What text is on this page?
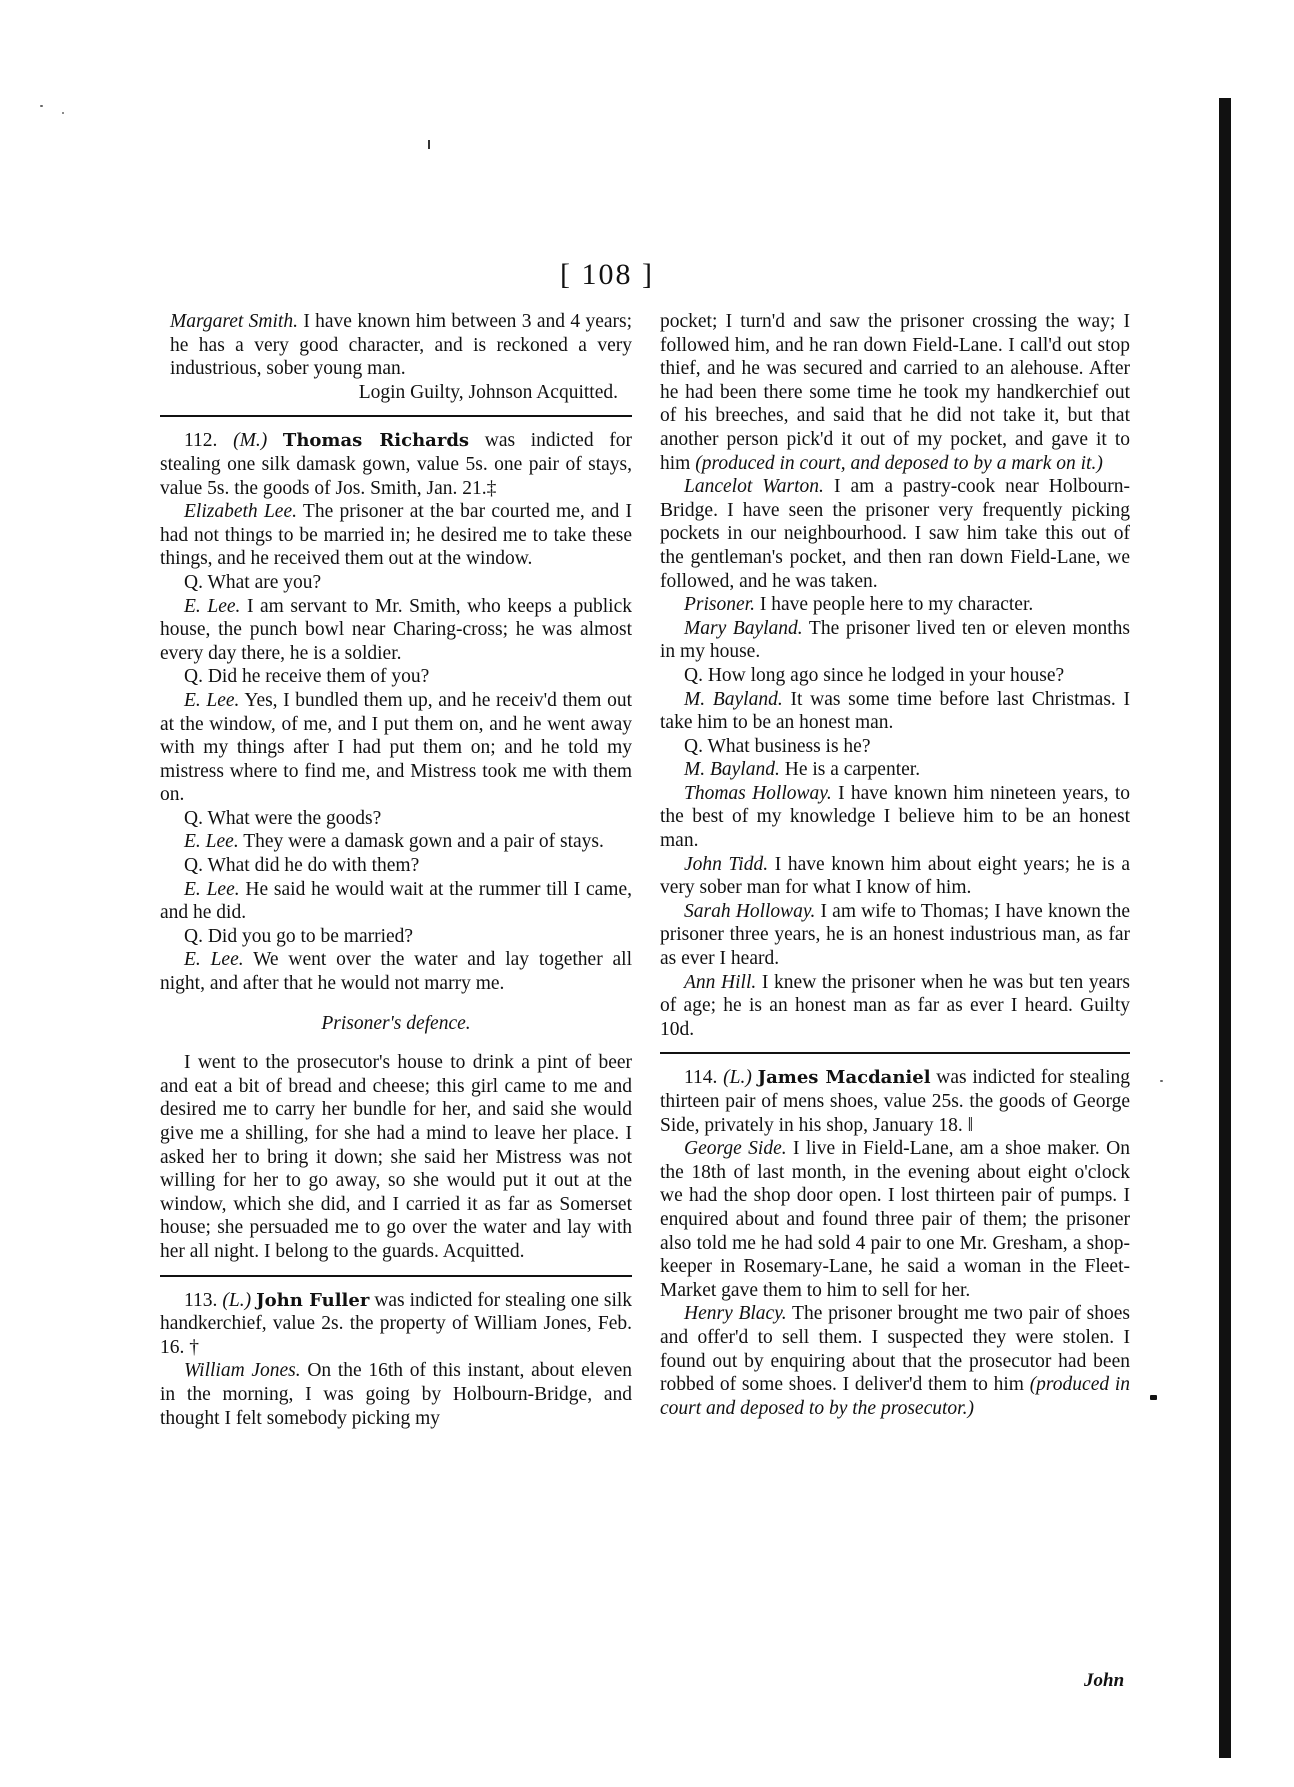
[ 108 ]

Margaret Smith. I have known him between 3 and 4 years; he has a very good character, and is reckoned a very industrious, sober young man.

Login Guilty, Johnson Acquitted.

112. (M.) Thomas Richards was indicted for stealing one silk damask gown, value 5s. one pair of stays, value 5s. the goods of Jos. Smith, Jan. 21.‡

Elizabeth Lee. The prisoner at the bar courted me, and I had not things to be married in; he desired me to take these things, and he received them out at the window.

Q. What are you?

E. Lee. I am servant to Mr. Smith, who keeps a publick house, the punch bowl near Charing-cross; he was almost every day there, he is a soldier.

Q. Did he receive them of you?

E. Lee. Yes, I bundled them up, and he receiv'd them out at the window, of me, and I put them on, and he went away with my things after I had put them on; and he told my mistress where to find me, and Mistress took me with them on.

Q. What were the goods?

E. Lee. They were a damask gown and a pair of stays.

Q. What did he do with them?

E. Lee. He said he would wait at the rummer till I came, and he did.

Q. Did you go to be married?

E. Lee. We went over the water and lay together all night, and after that he would not marry me.

Prisoner's defence.

I went to the prosecutor's house to drink a pint of beer and eat a bit of bread and cheese; this girl came to me and desired me to carry her bundle for her, and said she would give me a shilling, for she had a mind to leave her place. I asked her to bring it down; she said her Mistress was not willing for her to go away, so she would put it out at the window, which she did, and I carried it as far as Somerset house; she persuaded me to go over the water and lay with her all night. I belong to the guards. Acquitted.

113. (L.) John Fuller was indicted for stealing one silk handkerchief, value 2s. the property of William Jones, Feb. 16. †

William Jones. On the 16th of this instant, about eleven in the morning, I was going by Holbourn-Bridge, and thought I felt somebody picking my

pocket; I turn'd and saw the prisoner crossing the way; I followed him, and he ran down Field-Lane. I call'd out stop thief, and he was secured and carried to an alehouse. After he had been there some time he took my handkerchief out of his breeches, and said that he did not take it, but that another person pick'd it out of my pocket, and gave it to him (produced in court, and deposed to by a mark on it.)

Lancelot Warton. I am a pastry-cook near Holbourn-Bridge. I have seen the prisoner very frequently picking pockets in our neighbourhood. I saw him take this out of the gentleman's pocket, and then ran down Field-Lane, we followed, and he was taken.

Prisoner. I have people here to my character.

Mary Bayland. The prisoner lived ten or eleven months in my house.

Q. How long ago since he lodged in your house?

M. Bayland. It was some time before last Christmas. I take him to be an honest man.

Q. What business is he?

M. Bayland. He is a carpenter.

Thomas Holloway. I have known him nineteen years, to the best of my knowledge I believe him to be an honest man.

John Tidd. I have known him about eight years; he is a very sober man for what I know of him.

Sarah Holloway. I am wife to Thomas; I have known the prisoner three years, he is an honest industrious man, as far as ever I heard.

Ann Hill. I knew the prisoner when he was but ten years of age; he is an honest man as far as ever I heard. Guilty 10d.

114. (L.) James Macdaniel was indicted for stealing thirteen pair of mens shoes, value 25s. the goods of George Side, privately in his shop, January 18. ‖

George Side. I live in Field-Lane, am a shoe maker. On the 18th of last month, in the evening about eight o'clock we had the shop door open. I lost thirteen pair of pumps. I enquired about and found three pair of them; the prisoner also told me he had sold 4 pair to one Mr. Gresham, a shop-keeper in Rosemary-Lane, he said a woman in the Fleet-Market gave them to him to sell for her.

Henry Blacy. The prisoner brought me two pair of shoes and offer'd to sell them. I suspected they were stolen. I found out by enquiring about that the prosecutor had been robbed of some shoes. I deliver'd them to him (produced in court and deposed to by the prosecutor.)

John
